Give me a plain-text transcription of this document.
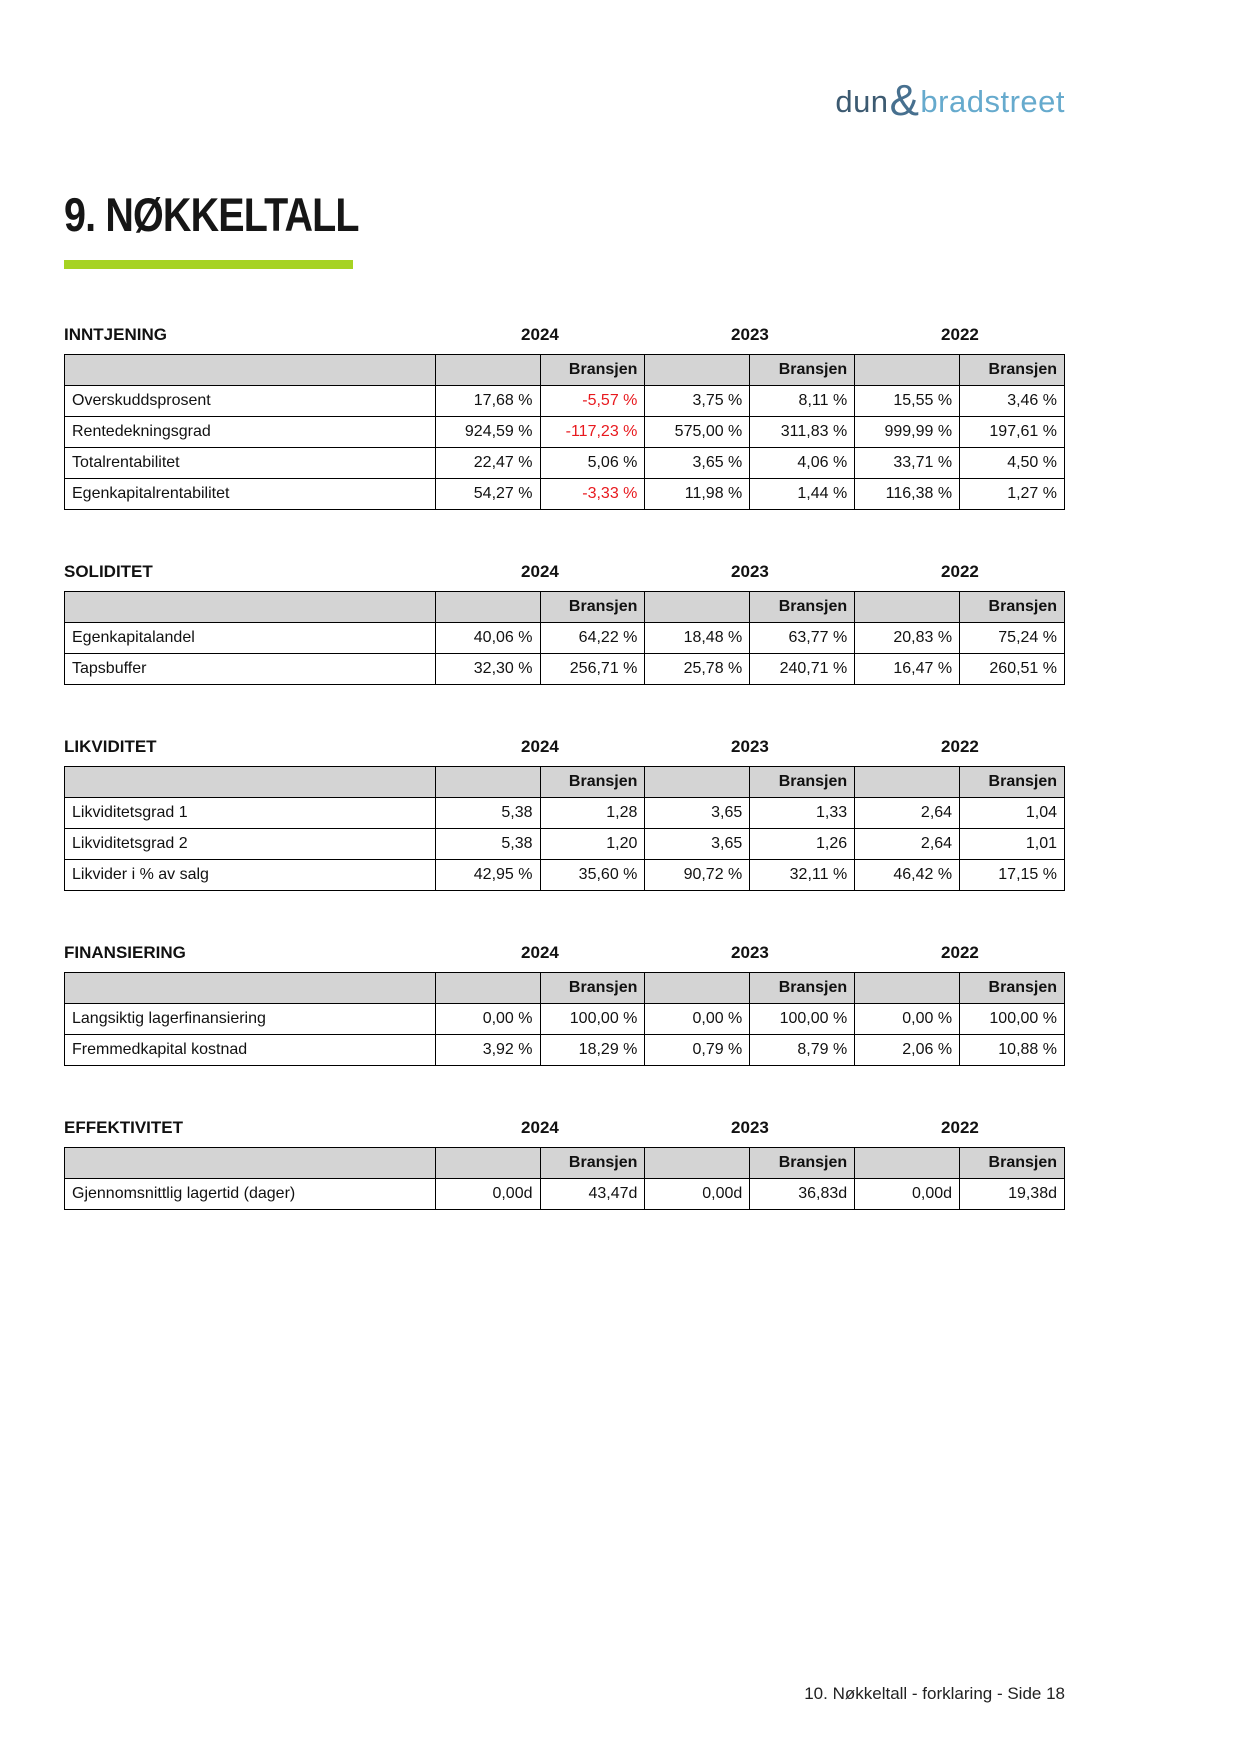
dun & bradstreet
9. NØKKELTALL
INNTJENING	2024	2023	2022
		Bransjen		Bransjen		Bransjen
Overskuddsprosent	17,68 %	-5,57 %	3,75 %	8,11 %	15,55 %	3,46 %
Rentedekningsgrad	924,59 %	-117,23 %	575,00 %	311,83 %	999,99 %	197,61 %
Totalrentabilitet	22,47 %	5,06 %	3,65 %	4,06 %	33,71 %	4,50 %
Egenkapitalrentabilitet	54,27 %	-3,33 %	11,98 %	1,44 %	116,38 %	1,27 %
SOLIDITET	2024	2023	2022
		Bransjen		Bransjen		Bransjen
Egenkapitalandel	40,06 %	64,22 %	18,48 %	63,77 %	20,83 %	75,24 %
Tapsbuffer	32,30 %	256,71 %	25,78 %	240,71 %	16,47 %	260,51 %
LIKVIDITET	2024	2023	2022
		Bransjen		Bransjen		Bransjen
Likviditetsgrad 1	5,38	1,28	3,65	1,33	2,64	1,04
Likviditetsgrad 2	5,38	1,20	3,65	1,26	2,64	1,01
Likvider i % av salg	42,95 %	35,60 %	90,72 %	32,11 %	46,42 %	17,15 %
FINANSIERING	2024	2023	2022
		Bransjen		Bransjen		Bransjen
Langsiktig lagerfinansiering	0,00 %	100,00 %	0,00 %	100,00 %	0,00 %	100,00 %
Fremmedkapital kostnad	3,92 %	18,29 %	0,79 %	8,79 %	2,06 %	10,88 %
EFFEKTIVITET	2024	2023	2022
		Bransjen		Bransjen		Bransjen
Gjennomsnittlig lagertid (dager)	0,00d	43,47d	0,00d	36,83d	0,00d	19,38d
10. Nøkkeltall - forklaring - Side 18
